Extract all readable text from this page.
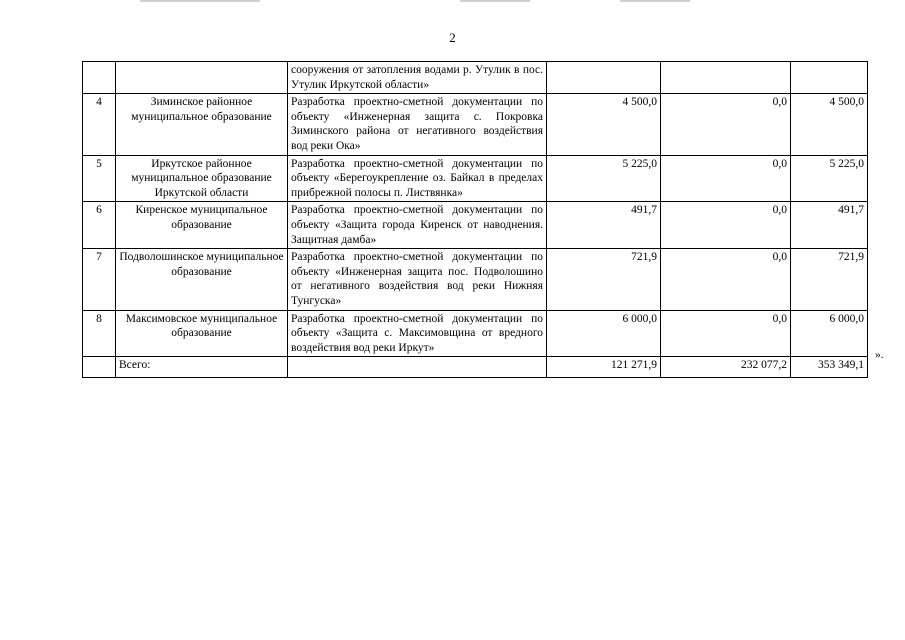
2
		сооружения от затопления водами р. Утулик в пос. Утулик Иркутской области»			
4	Зиминское районное муниципальное образование	Разработка проектно-сметной документации по объекту «Инженерная защита с. Покровка Зиминского района от негативного воздействия вод реки Ока»	4 500,0	0,0	4 500,0
5	Иркутское районное муниципальное образование Иркутской области	Разработка проектно-сметной документации по объекту «Берегоукрепление оз. Байкал в пределах прибрежной полосы п. Листвянка»	5 225,0	0,0	5 225,0
6	Киренское муниципальное образование	Разработка проектно-сметной документации по объекту «Защита города Киренск от наводнения. Защитная дамба»	491,7	0,0	491,7
7	Подволошинское муниципальное образование	Разработка проектно-сметной документации по объекту «Инженерная защита пос. Подволошино от негативного воздействия вод реки Нижняя Тунгуска»	721,9	0,0	721,9
8	Максимовское муниципальное образование	Разработка проектно-сметной документации по объекту «Защита с. Максимовщина от вредного воздействия вод реки Иркут»	6 000,0	0,0	6 000,0
	Всего:		121 271,9	232 077,2	353 349,1
».
